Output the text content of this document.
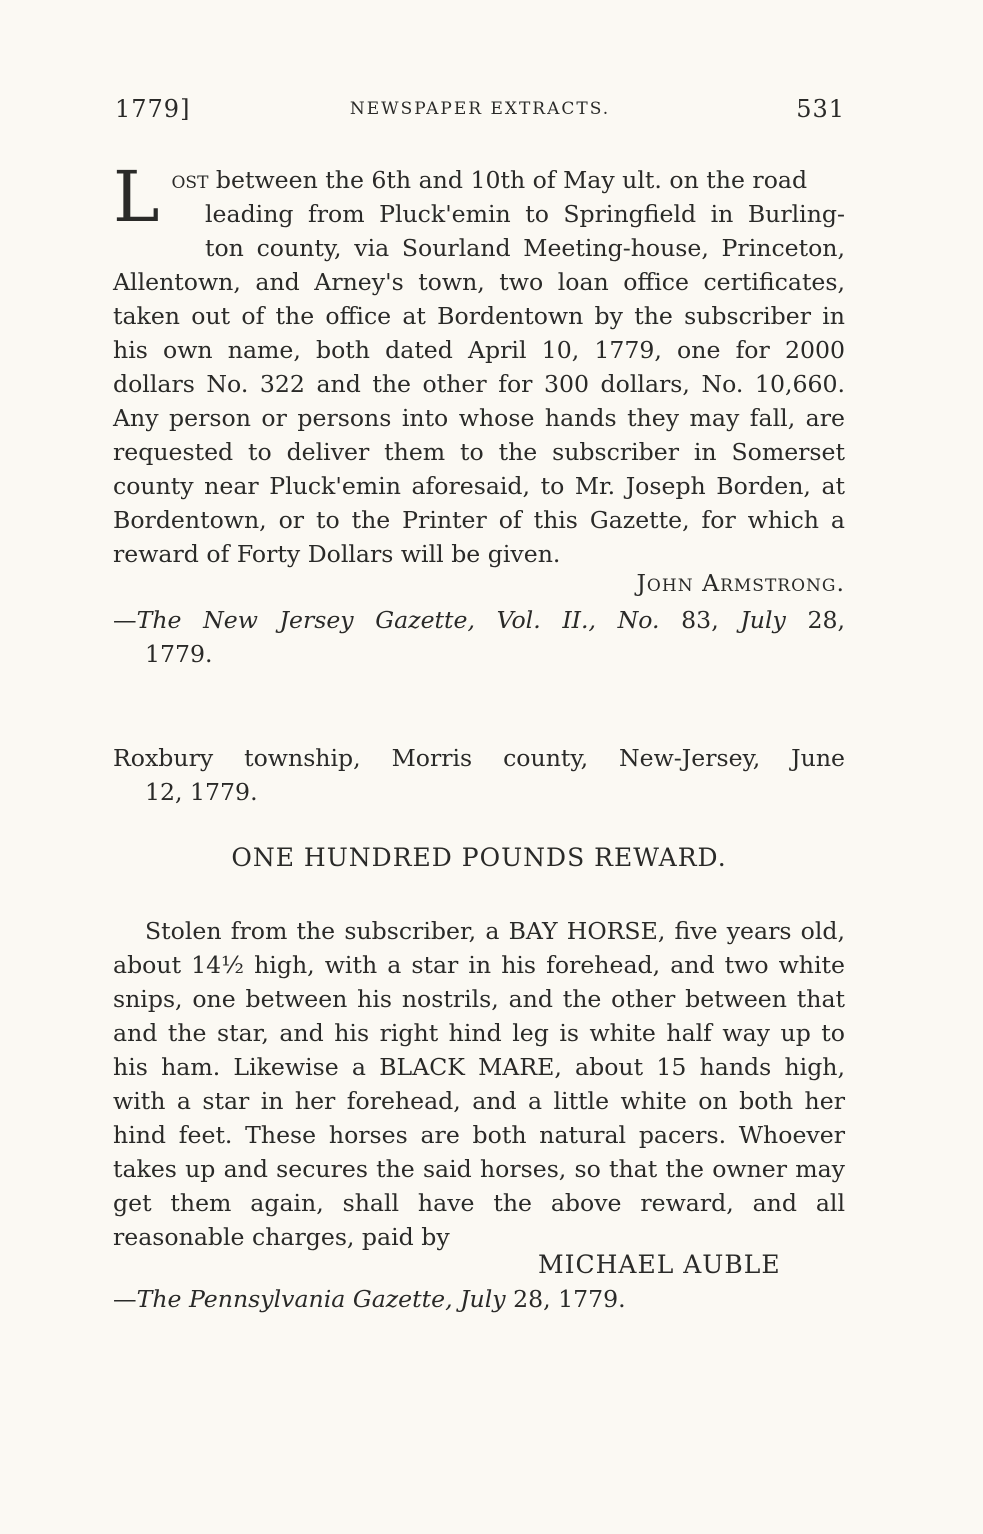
1779]	NEWSPAPER EXTRACTS.	531
Lost between the 6th and 10th of May ult. on the road
leading from Pluck'emin to Springfield in Burling-
ton county, via Sourland Meeting-house, Princeton,
Allentown, and Arney's town, two loan office certificates, taken out of the office at Bordentown by the subscriber in his own name, both dated April 10, 1779, one for 2000 dollars No. 322 and the other for 300 dollars, No. 10,660. Any person or persons into whose hands they may fall, are requested to deliver them to the subscriber in Somerset county near Pluck'emin aforesaid, to Mr. Joseph Borden, at Bordentown, or to the Printer of this Gazette, for which a reward of Forty Dollars will be given.
John Armstrong.
—The New Jersey Gazette, Vol. II., No. 83, July 28,
1779.
Roxbury township, Morris county, New-Jersey, June
12, 1779.
ONE HUNDRED POUNDS REWARD.
Stolen from the subscriber, a BAY HORSE, five years old, about 14½ high, with a star in his forehead, and two white snips, one between his nostrils, and the other between that and the star, and his right hind leg is white half way up to his ham. Likewise a BLACK MARE, about 15 hands high, with a star in her forehead, and a little white on both her hind feet. These horses are both natural pacers. Whoever takes up and secures the said horses, so that the owner may get them again, shall have the above reward, and all reasonable charges, paid by
MICHAEL AUBLE
—The Pennsylvania Gazette, July 28, 1779.
